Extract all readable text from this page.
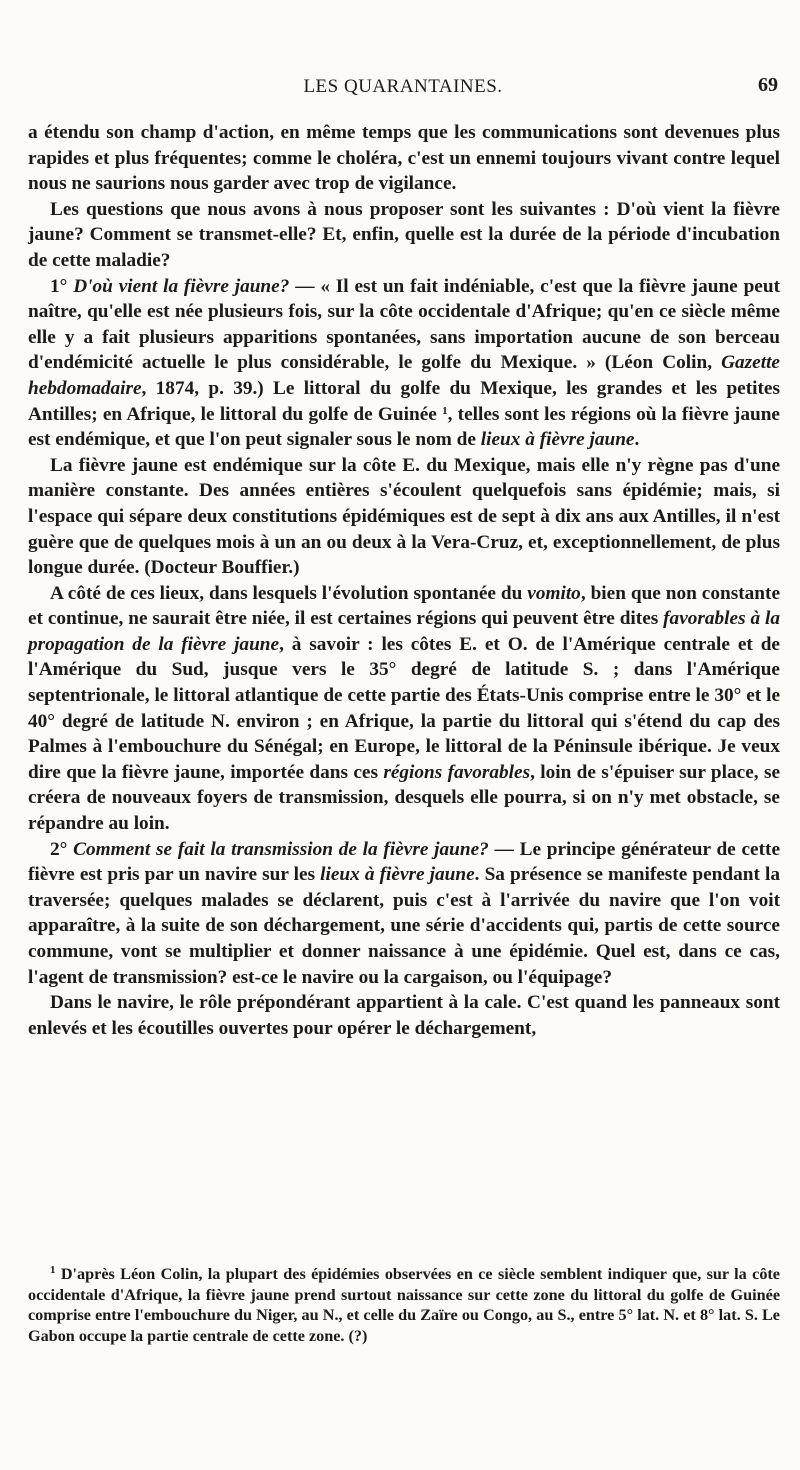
LES QUARANTAINES.	69

a étendu son champ d'action, en même temps que les communications sont devenues plus rapides et plus fréquentes; comme le choléra, c'est un ennemi toujours vivant contre lequel nous ne saurions nous garder avec trop de vigilance.

Les questions que nous avons à nous proposer sont les suivantes : D'où vient la fièvre jaune? Comment se transmet-elle? Et, enfin, quelle est la durée de la période d'incubation de cette maladie?

1° D'où vient la fièvre jaune? — « Il est un fait indéniable, c'est que la fièvre jaune peut naître, qu'elle est née plusieurs fois, sur la côte occidentale d'Afrique; qu'en ce siècle même elle y a fait plusieurs apparitions spontanées, sans importation aucune de son berceau d'endémicité actuelle le plus considérable, le golfe du Mexique. » (Léon Colin, Gazette hebdomadaire, 1874, p. 39.) Le littoral du golfe du Mexique, les grandes et les petites Antilles; en Afrique, le littoral du golfe de Guinée $^1$, telles sont les régions où la fièvre jaune est endémique, et que l'on peut signaler sous le nom de lieux à fièvre jaune.

La fièvre jaune est endémique sur la côte E. du Mexique, mais elle n'y règne pas d'une manière constante. Des années entières s'écoulent quelquefois sans épidémie; mais, si l'espace qui sépare deux constitutions épidémiques est de sept à dix ans aux Antilles, il n'est guère que de quelques mois à un an ou deux à la Vera-Cruz, et, exceptionnellement, de plus longue durée. (Docteur Bouffier.)

A côté de ces lieux, dans lesquels l'évolution spontanée du vomito, bien que non constante et continue, ne saurait être niée, il est certaines régions qui peuvent être dites favorables à la propagation de la fièvre jaune, à savoir : les côtes E. et O. de l'Amérique centrale et de l'Amérique du Sud, jusque vers le 35° degré de latitude S. ; dans l'Amérique septentrionale, le littoral atlantique de cette partie des États-Unis comprise entre le 30° et le 40° degré de latitude N. environ ; en Afrique, la partie du littoral qui s'étend du cap des Palmes à l'embouchure du Sénégal; en Europe, le littoral de la Péninsule ibérique. Je veux dire que la fièvre jaune, importée dans ces régions favorables, loin de s'épuiser sur place, se créera de nouveaux foyers de transmission, desquels elle pourra, si on n'y met obstacle, se répandre au loin.

2° Comment se fait la transmission de la fièvre jaune? — Le principe générateur de cette fièvre est pris par un navire sur les lieux à fièvre jaune. Sa présence se manifeste pendant la traversée; quelques malades se déclarent, puis c'est à l'arrivée du navire que l'on voit apparaître, à la suite de son déchargement, une série d'accidents qui, partis de cette source commune, vont se multiplier et donner naissance à une épidémie. Quel est, dans ce cas, l'agent de transmission? est-ce le navire ou la cargaison, ou l'équipage?

Dans le navire, le rôle prépondérant appartient à la cale. C'est quand les panneaux sont enlevés et les écoutilles ouvertes pour opérer le déchargement,

$^1$ D'après Léon Colin, la plupart des épidémies observées en ce siècle semblent indiquer que, sur la côte occidentale d'Afrique, la fièvre jaune prend surtout naissance sur cette zone du littoral du golfe de Guinée comprise entre l'embouchure du Niger, au N., et celle du Zaïre ou Congo, au S., entre 5° lat. N. et 8° lat. S. Le Gabon occupe la partie centrale de cette zone. (?)
